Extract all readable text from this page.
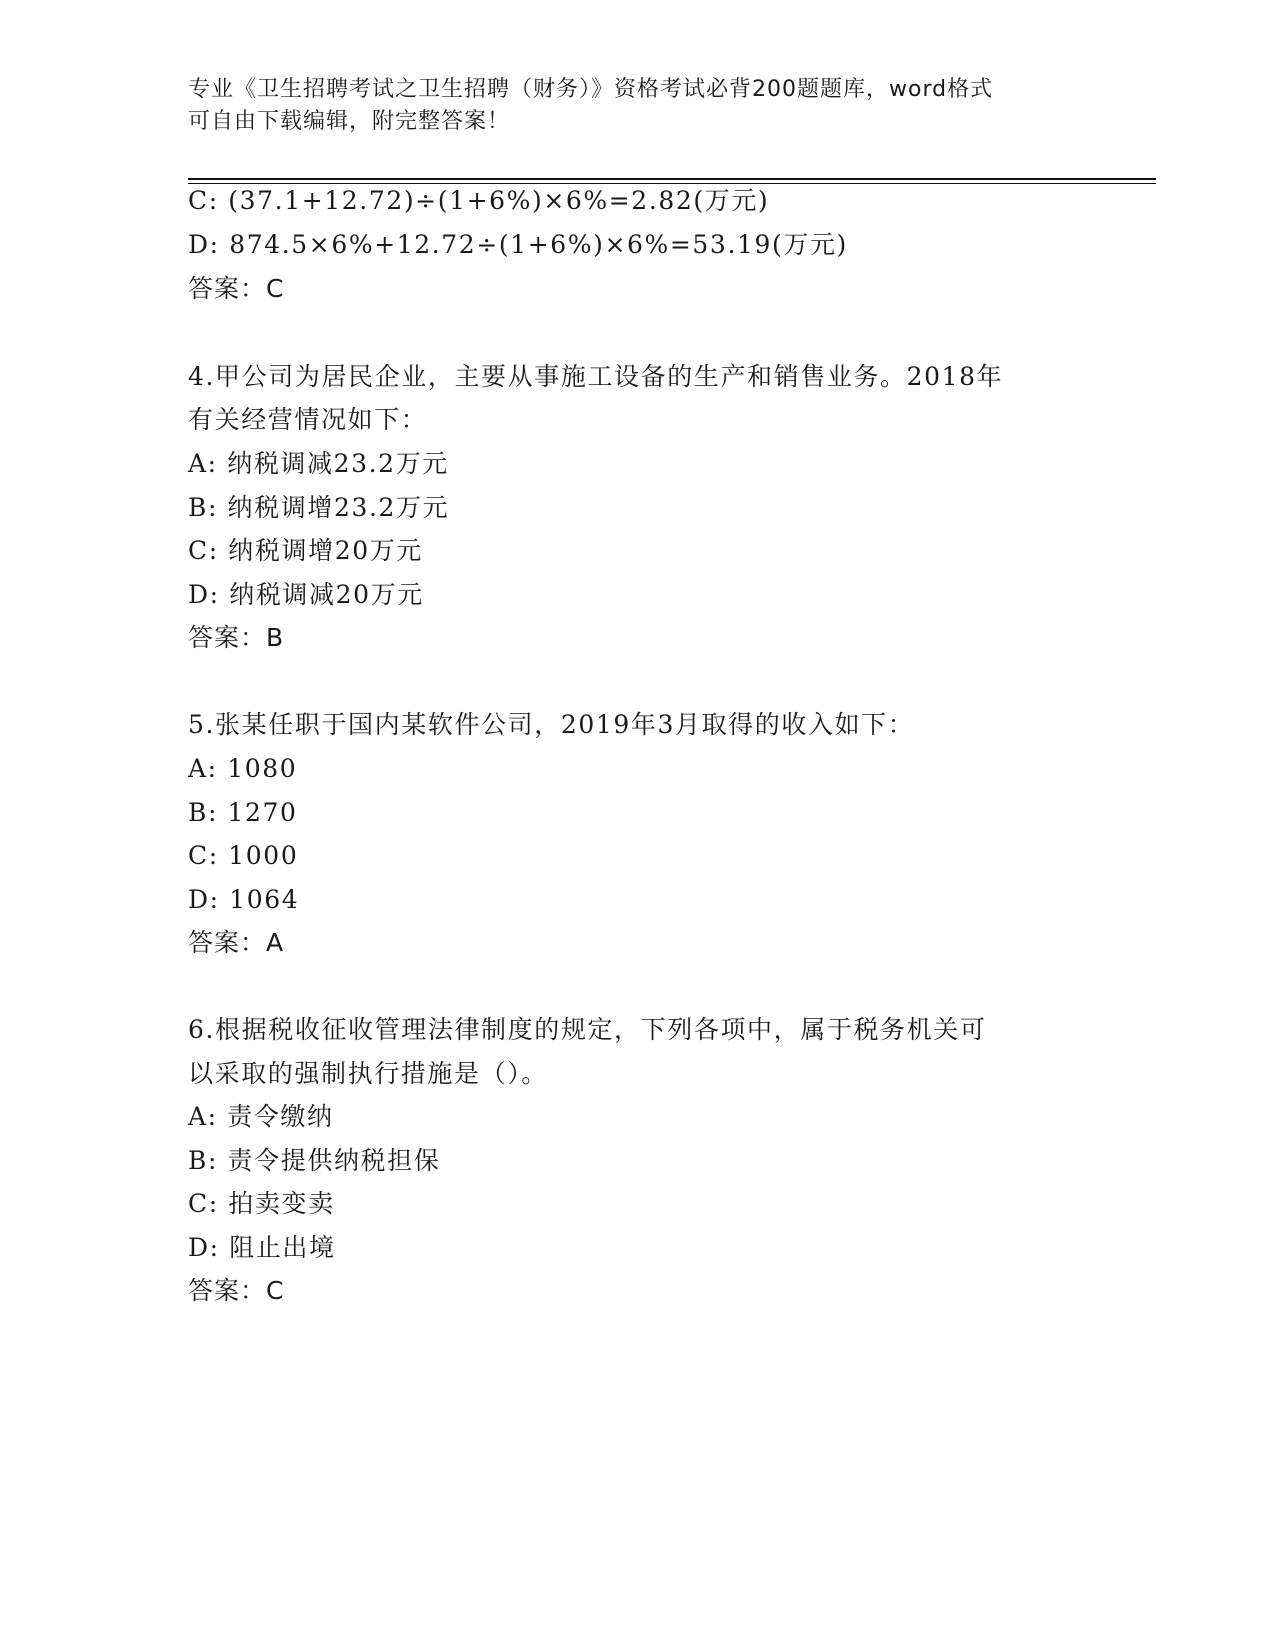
专业《卫生招聘考试之卫生招聘（财务）》资格考试必背200题题库，word格式
可自由下载编辑，附完整答案！
C: (37.1+12.72)÷(1+6%)×6%=2.82(万元)
D: 874.5×6%+12.72÷(1+6%)×6%=53.19(万元)
答案：C
4.甲公司为居民企业，主要从事施工设备的生产和销售业务。2018年
有关经营情况如下：
A: 纳税调减23.2万元
B: 纳税调增23.2万元
C: 纳税调增20万元
D: 纳税调减20万元
答案：B
5.张某任职于国内某软件公司，2019年3月取得的收入如下：
A: 1080
B: 1270
C: 1000
D: 1064
答案：A
6.根据税收征收管理法律制度的规定，下列各项中，属于税务机关可
以采取的强制执行措施是（）。
A: 责令缴纳
B: 责令提供纳税担保
C: 拍卖变卖
D: 阻止出境
答案：C
